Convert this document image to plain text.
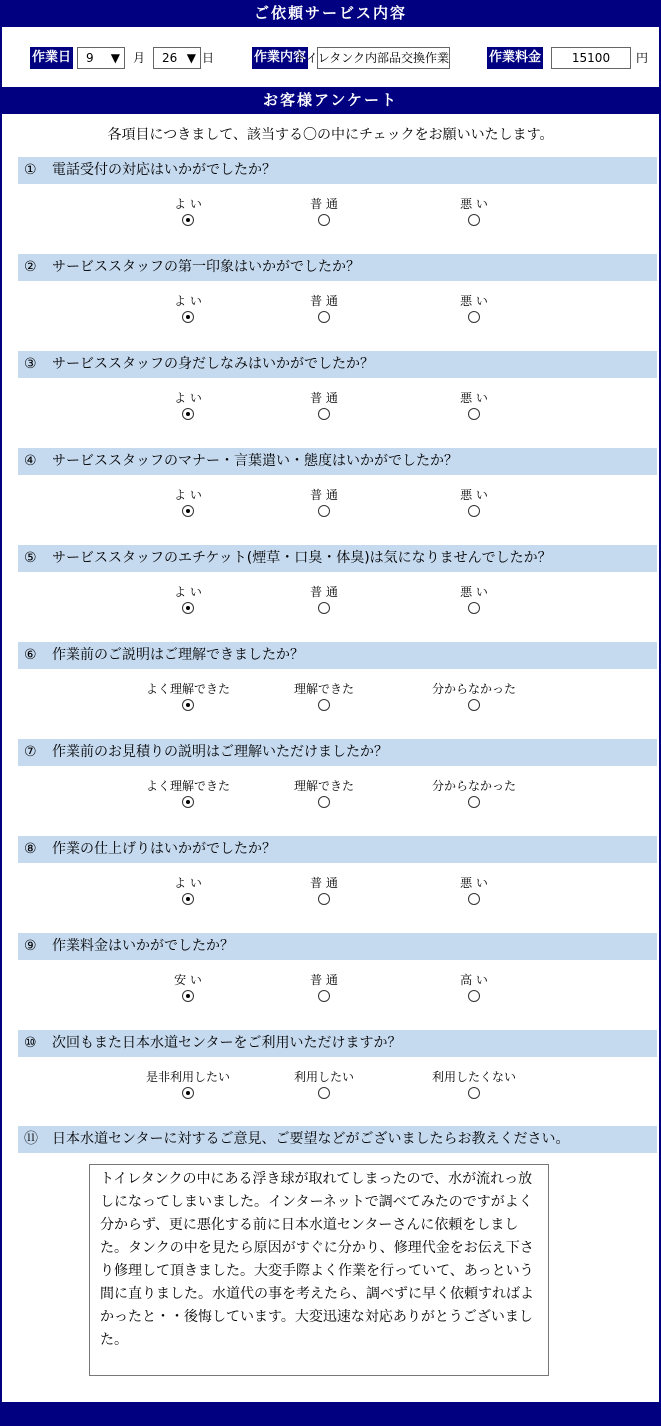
ご依頼サービス内容
作業日	9 ▼ 月	26 ▼ 日	作業内容
トイレタンク内部品交換作業	作業料金	15100	円
お客様アンケート
各項目につきまして、該当する〇の中にチェックをお願いいたします。
① 電話受付の対応はいかがでしたか？
よ い	普 通	悪 い
② サービススタッフの第一印象はいかがでしたか？
よ い	普 通	悪 い
③ サービススタッフの身だしなみはいかがでしたか？
よ い	普 通	悪 い
④ サービススタッフのマナー・言葉遣い・態度はいかがでしたか？
よ い	普 通	悪 い
⑤ サービススタッフのエチケット(煙草・口臭・体臭)は気になりませんでしたか？
よ い	普 通	悪 い
⑥ 作業前のご説明はご理解できましたか？
よく理解できた	理解できた	分からなかった
⑦ 作業前のお見積りの説明はご理解いただけましたか？
よく理解できた	理解できた	分からなかった
⑧ 作業の仕上げりはいかがでしたか？
よ い	普 通	悪 い
⑨ 作業料金はいかがでしたか？
安 い	普 通	高 い
⑩ 次回もまた日本水道センターをご利用いただけますか？
是非利用したい	利用したい	利用したくない
⑪ 日本水道センターに対するご意見、ご要望などがございましたらお教えください。
トイレタンクの中にある浮き球が取れてしまったので、水が流れっ放しになってしまいました。インターネットで調べてみたのですがよく分からず、更に悪化する前に日本水道センターさんに依頼をしました。タンクの中を見たら原因がすぐに分かり、修理代金をお伝え下さり修理して頂きました。大変手際よく作業を行っていて、あっという間に直りました。水道代の事を考えたら、調べずに早く依頼すればよかったと・・後悔しています。大変迅速な対応ありがとうございました。
